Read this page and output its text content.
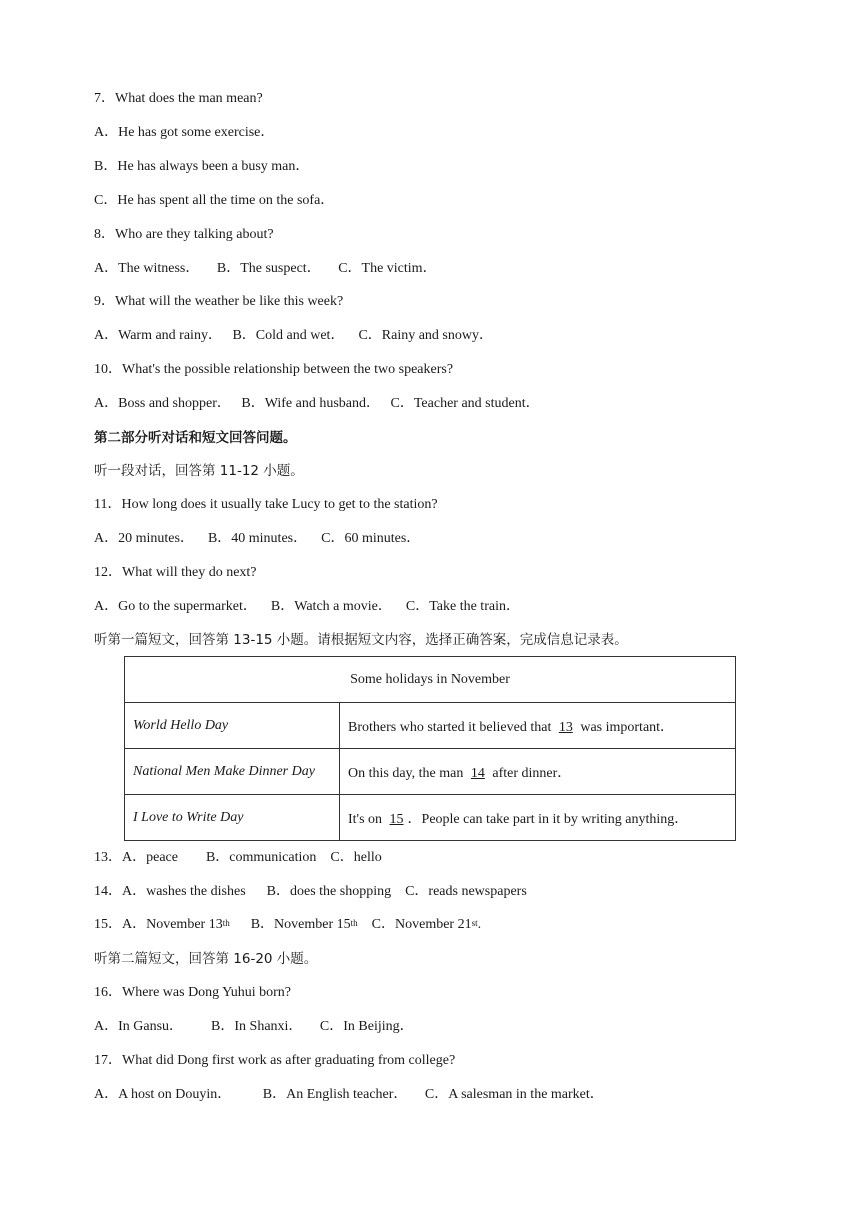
7．What does the man mean?
A．He has got some exercise．
B．He has always been a busy man．
C．He has spent all the time on the sofa．
8．Who are they talking about?
A．The witness．     B．The suspect．     C．The victim．
9．What will the weather be like this week?
A．Warm and rainy．   B．Cold and wet．    C．Rainy and snowy．
10．What's the possible relationship between the two speakers?
A．Boss and shopper．   B．Wife and husband．   C．Teacher and student．
第二部分听对话和短文回答问题。
听一段对话，回答第 11-12 小题。
11．How long does it usually take Lucy to get to the station?
A．20 minutes．    B．40 minutes．    C．60 minutes．
12．What will they do next?
A．Go to the supermarket．    B．Watch a movie．    C．Take the train．
听第一篇短文，回答第 13-15 小题。请根据短文内容，选择正确答案，完成信息记录表。
Some holidays in November	
World Hello Day	Brothers who started it believed that 13 was important．
National Men Make Dinner Day	On this day, the man 14 after dinner．
I Love to Write Day	It's on 15 ．People can take part in it by writing anything．
13．A．peace        B．communication    C．hello
14．A．washes the dishes      B．does the shopping    C．reads newspapers
15．A．November 13th      B．November 15th    C．November 21st.
听第二篇短文，回答第 16-20 小题。
16．Where was Dong Yuhui born?
A．In Gansu．        B．In Shanxi．     C．In Beijing．
17．What did Dong first work as after graduating from college?
A．A host on Douyin．         B．An English teacher．     C．A salesman in the market．
